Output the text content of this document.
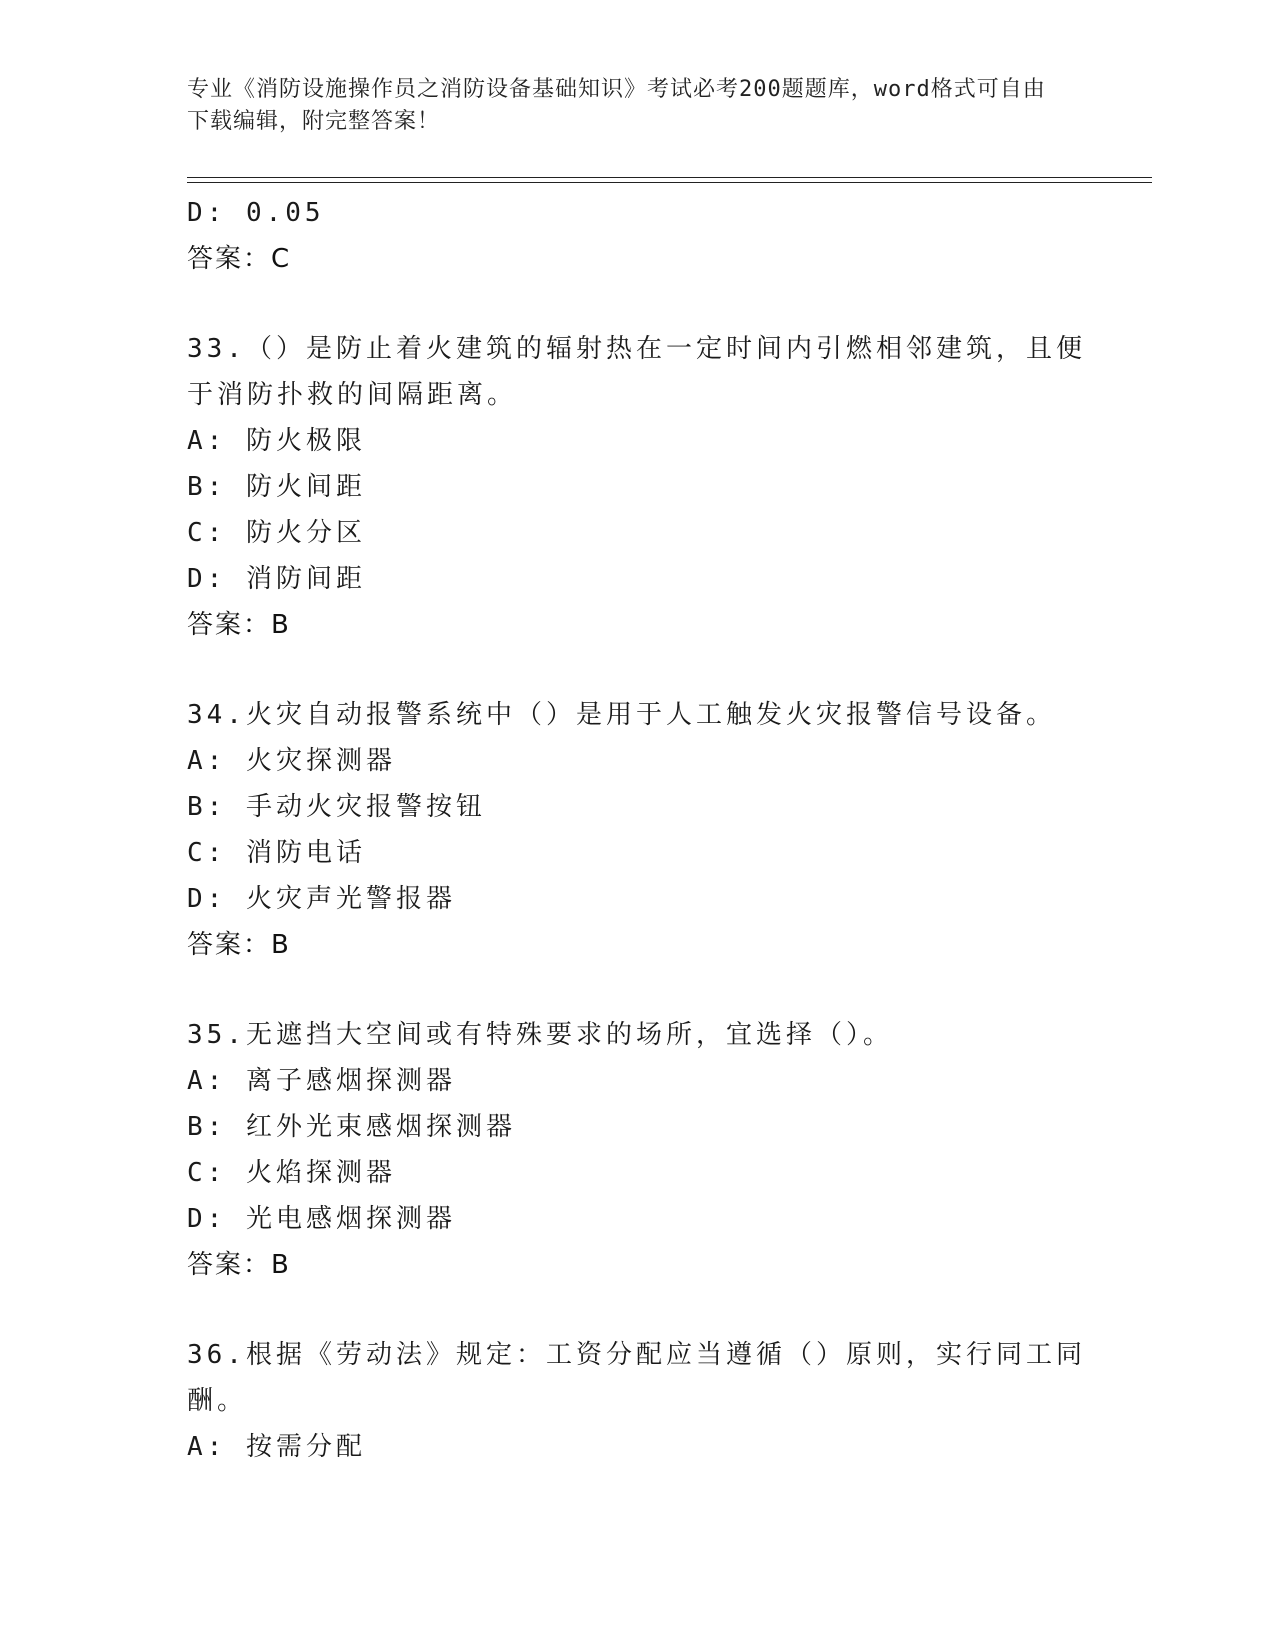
专业《消防设施操作员之消防设备基础知识》考试必考200题题库，word格式可自由下载编辑，附完整答案！
D: 0.05
答案：C
33.（）是防止着火建筑的辐射热在一定时间内引燃相邻建筑，且便于消防扑救的间隔距离。
A: 防火极限
B: 防火间距
C: 防火分区
D: 消防间距
答案：B
34.火灾自动报警系统中（）是用于人工触发火灾报警信号设备。
A: 火灾探测器
B: 手动火灾报警按钮
C: 消防电话
D: 火灾声光警报器
答案：B
35.无遮挡大空间或有特殊要求的场所，宜选择（）。
A: 离子感烟探测器
B: 红外光束感烟探测器
C: 火焰探测器
D: 光电感烟探测器
答案：B
36.根据《劳动法》规定：工资分配应当遵循（）原则，实行同工同酬。
A: 按需分配
